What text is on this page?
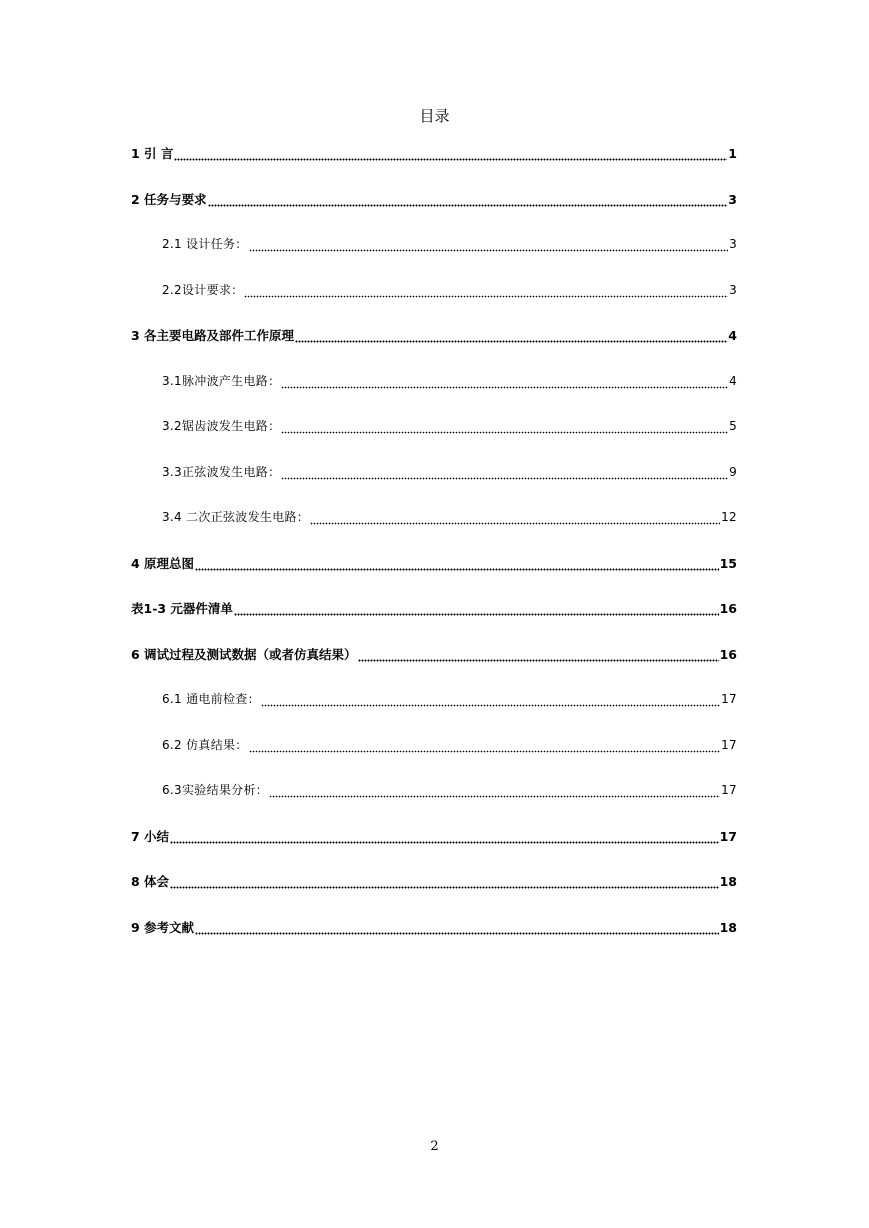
目录
1 引 言	1
2 任务与要求	3
2.1 设计任务：	3
2.2设计要求：	3
3 各主要电路及部件工作原理	4
3.1脉冲波产生电路：	4
3.2锯齿波发生电路：	5
3.3正弦波发生电路：	9
3.4 二次正弦波发生电路：	12
4 原理总图	15
表1-3 元器件清单	16
6 调试过程及测试数据（或者仿真结果）	16
6.1 通电前检查：	17
6.2 仿真结果：	17
6.3实验结果分析：	17
7 小结	17
8 体会	18
9 参考文献	18
2
